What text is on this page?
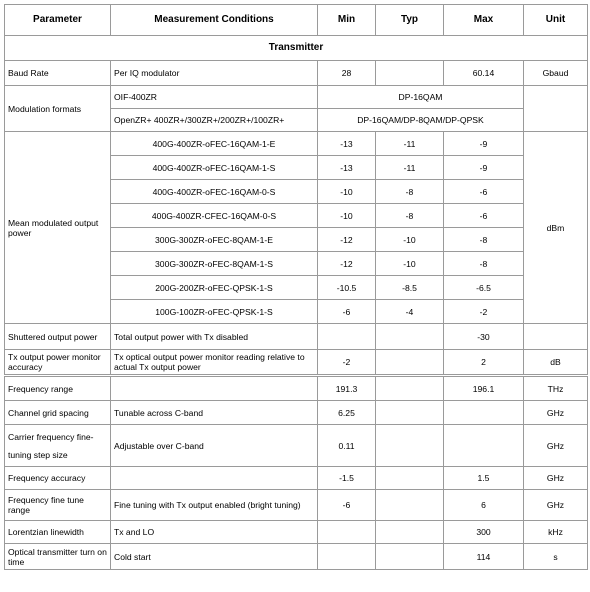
Parameter	Measurement Conditions	Min	Typ	Max	Unit
Transmitter					
Baud Rate	Per IQ modulator	28		60.14	Gbaud
Modulation formats	OIF-400ZR	DP-16QAM			
	OpenZR+ 400ZR+/300ZR+/200ZR+/100ZR+	DP-16QAM/DP-8QAM/DP-QPSK			
Mean modulated output power	400G-400ZR-oFEC-16QAM-1-E	-13	-11	-9	dBm
	400G-400ZR-oFEC-16QAM-1-S	-13	-11	-9	
	400G-400ZR-oFEC-16QAM-0-S	-10	-8	-6	
	400G-400ZR-CFEC-16QAM-0-S	-10	-8	-6	
	300G-300ZR-oFEC-8QAM-1-E	-12	-10	-8	
	300G-300ZR-oFEC-8QAM-1-S	-12	-10	-8	
	200G-200ZR-oFEC-QPSK-1-S	-10.5	-8.5	-6.5	
	100G-100ZR-oFEC-QPSK-1-S	-6	-4	-2	
Shuttered output power	Total output power with Tx disabled			-30	
Tx output power monitor accuracy	Tx optical output power monitor reading relative to actual Tx output power	-2		2	dB
Frequency range		191.3		196.1	THz
Channel grid spacing	Tunable across C-band	6.25			GHz
Carrier frequency fine-tuning step size	Adjustable over C-band	0.11			GHz
Frequency accuracy		-1.5		1.5	GHz
Frequency fine tune range	Fine tuning with Tx output enabled (bright tuning)	-6		6	GHz
Lorentzian linewidth	Tx and LO			300	kHz
Optical transmitter turn on time	Cold start			114	s
